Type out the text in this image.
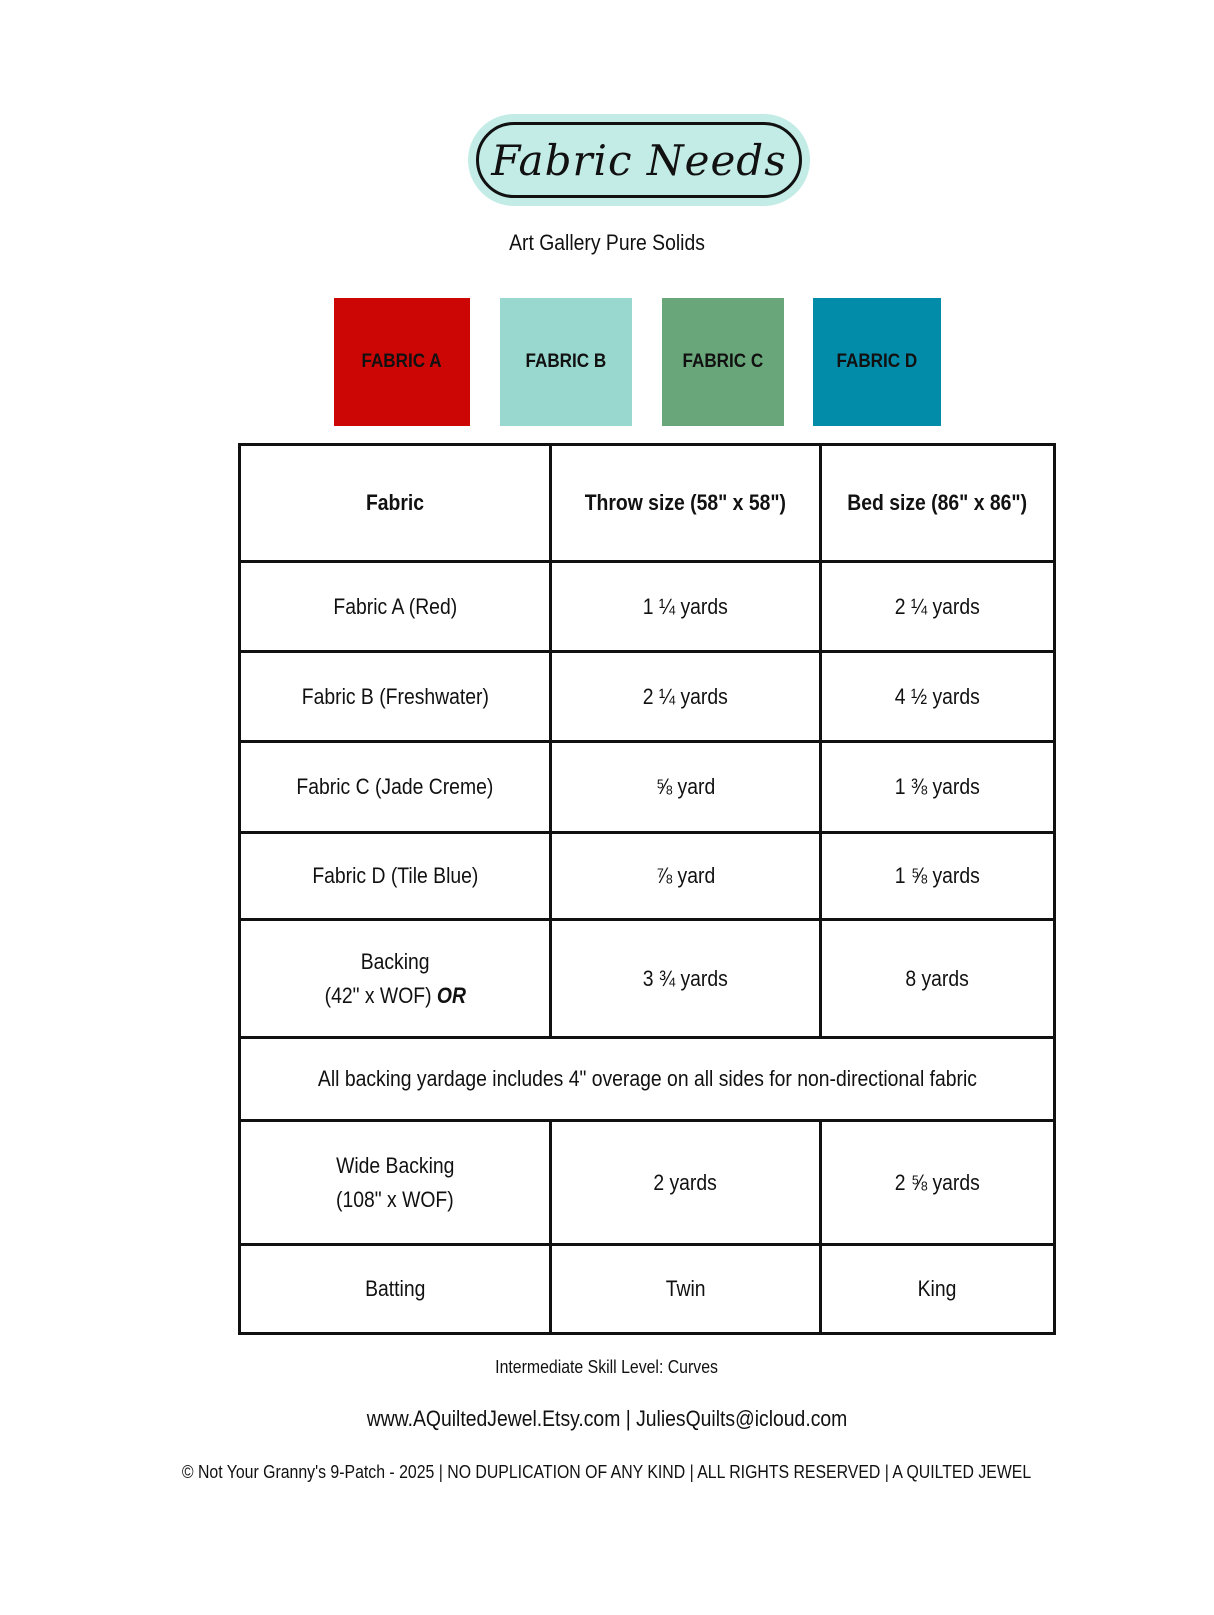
Fabric Needs
Art Gallery Pure Solids
FABRIC A	FABRIC B	FABRIC C	FABRIC D
Fabric	Throw size (58" x 58")	Bed size (86" x 86")
Fabric A (Red)	1 ¼ yards	2 ¼ yards
Fabric B (Freshwater)	2 ¼ yards	4 ½ yards
Fabric C (Jade Creme)	⅝ yard	1 ⅜ yards
Fabric D (Tile Blue)	⅞ yard	1 ⅝ yards
Backing
(42" x WOF) OR	3 ¾ yards	8 yards
All backing yardage includes 4" overage on all sides for non-directional fabric		
Wide Backing
(108" x WOF)	2 yards	2 ⅝ yards
Batting	Twin	King
Intermediate Skill Level: Curves
www.AQuiltedJewel.Etsy.com | JuliesQuilts@icloud.com
© Not Your Granny's 9-Patch - 2025 | NO DUPLICATION OF ANY KIND | ALL RIGHTS RESERVED | A QUILTED JEWEL
